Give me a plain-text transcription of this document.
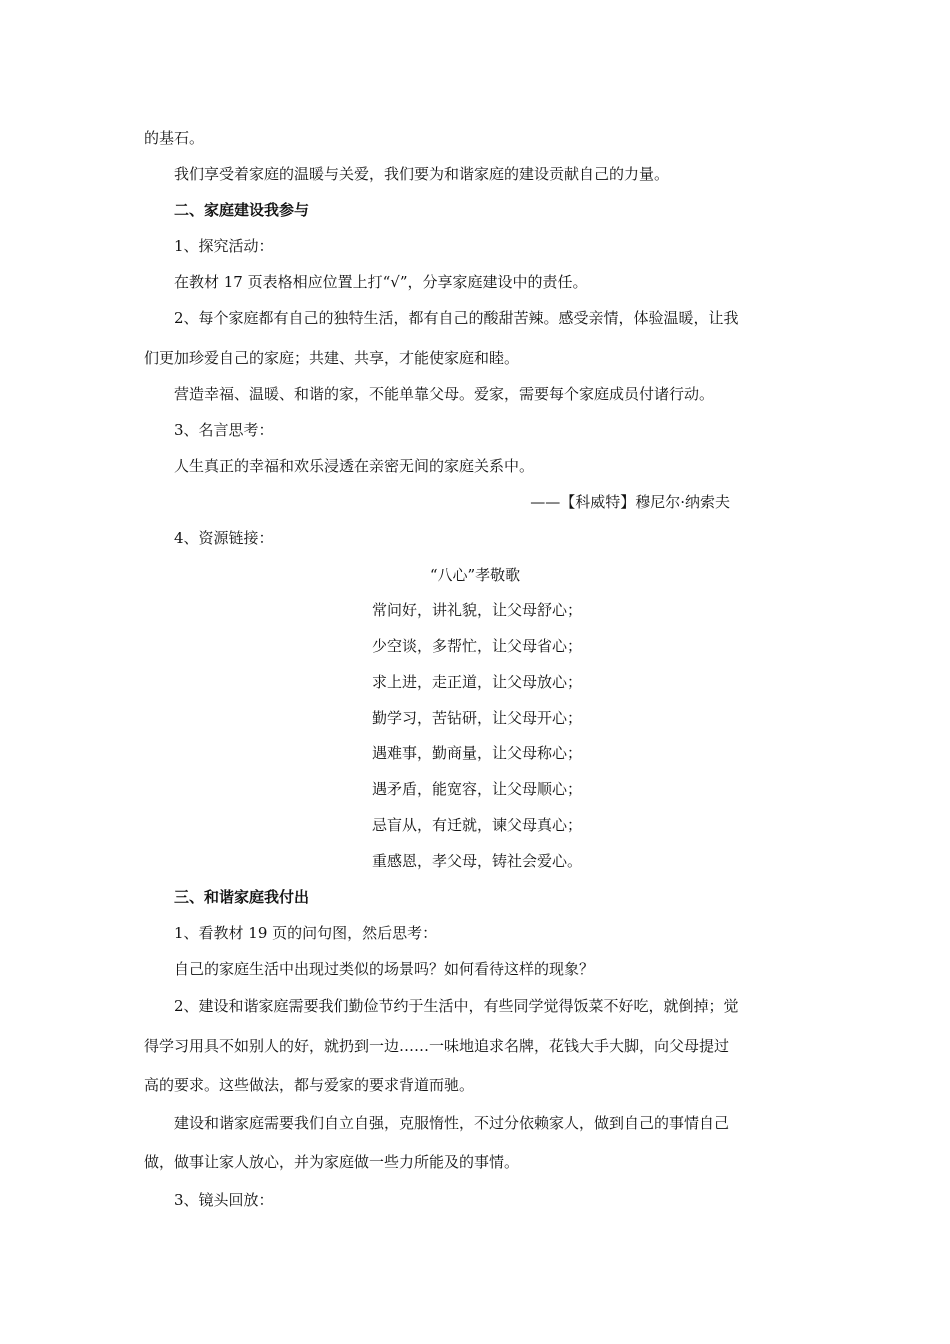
的基石。
我们享受着家庭的温暖与关爱，我们要为和谐家庭的建设贡献自己的力量。
二、家庭建设我参与
1、探究活动：
在教材 17 页表格相应位置上打“√”，分享家庭建设中的责任。
2、每个家庭都有自己的独特生活，都有自己的酸甜苦辣。感受亲情，体验温暖，让我
们更加珍爱自己的家庭；共建、共享，才能使家庭和睦。
营造幸福、温暖、和谐的家，不能单靠父母。爱家，需要每个家庭成员付诸行动。
3、名言思考：
人生真正的幸福和欢乐浸透在亲密无间的家庭关系中。
——【科威特】穆尼尔·纳索夫
4、资源链接：
“八心”孝敬歌
常问好，讲礼貌，让父母舒心；
少空谈，多帮忙，让父母省心；
求上进，走正道，让父母放心；
勤学习，苦钻研，让父母开心；
遇难事，勤商量，让父母称心；
遇矛盾，能宽容，让父母顺心；
忌盲从，有迁就，谏父母真心；
重感恩，孝父母，铸社会爱心。
三、和谐家庭我付出
1、看教材 19 页的问句图，然后思考：
自己的家庭生活中出现过类似的场景吗？如何看待这样的现象？
2、建设和谐家庭需要我们勤俭节约于生活中，有些同学觉得饭菜不好吃，就倒掉；觉
得学习用具不如别人的好，就扔到一边……一味地追求名牌，花钱大手大脚，向父母提过
高的要求。这些做法，都与爱家的要求背道而驰。
建设和谐家庭需要我们自立自强，克服惰性，不过分依赖家人，做到自己的事情自己
做，做事让家人放心，并为家庭做一些力所能及的事情。
3、镜头回放：
